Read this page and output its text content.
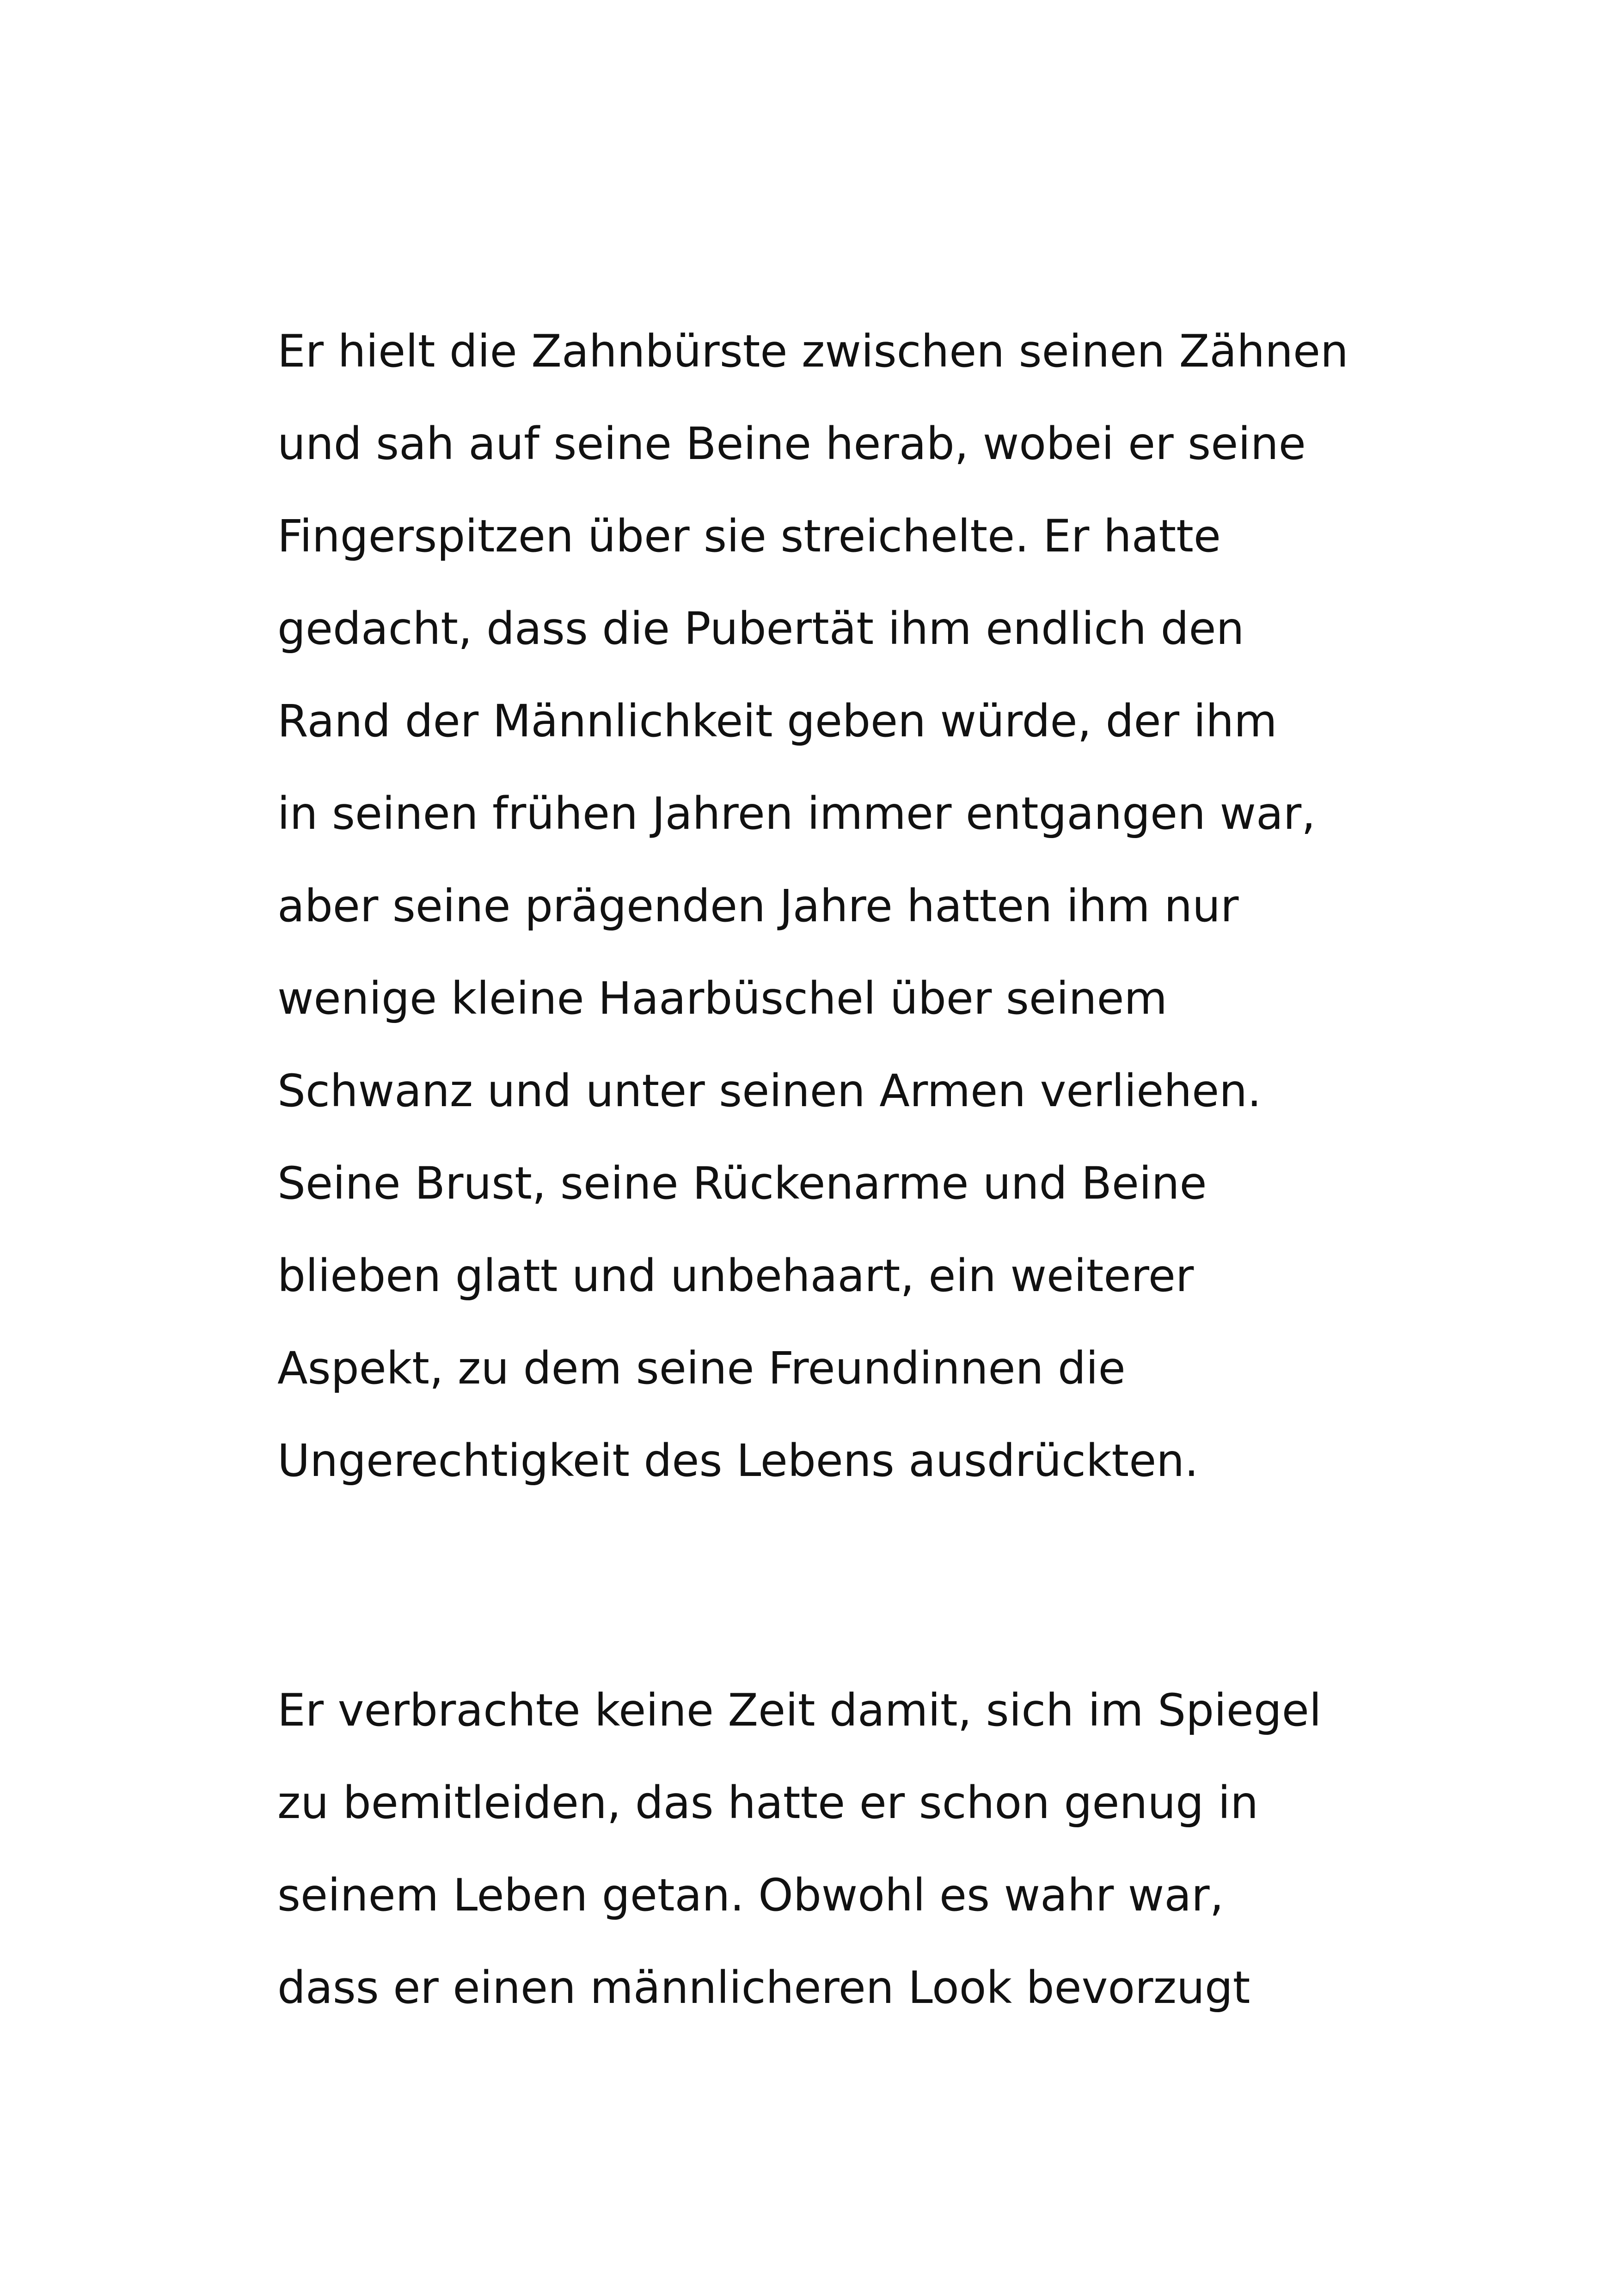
Er hielt die Zahnbürste zwischen seinen Zähnen
und sah auf seine Beine herab, wobei er seine
Fingerspitzen über sie streichelte. Er hatte
gedacht, dass die Pubertät ihm endlich den
Rand der Männlichkeit geben würde, der ihm
in seinen frühen Jahren immer entgangen war,
aber seine prägenden Jahre hatten ihm nur
wenige kleine Haarbüschel über seinem
Schwanz und unter seinen Armen verliehen.
Seine Brust, seine Rückenarme und Beine
blieben glatt und unbehaart, ein weiterer
Aspekt, zu dem seine Freundinnen die
Ungerechtigkeit des Lebens ausdrückten.
Er verbrachte keine Zeit damit, sich im Spiegel
zu bemitleiden, das hatte er schon genug in
seinem Leben getan. Obwohl es wahr war,
dass er einen männlicheren Look bevorzugt
